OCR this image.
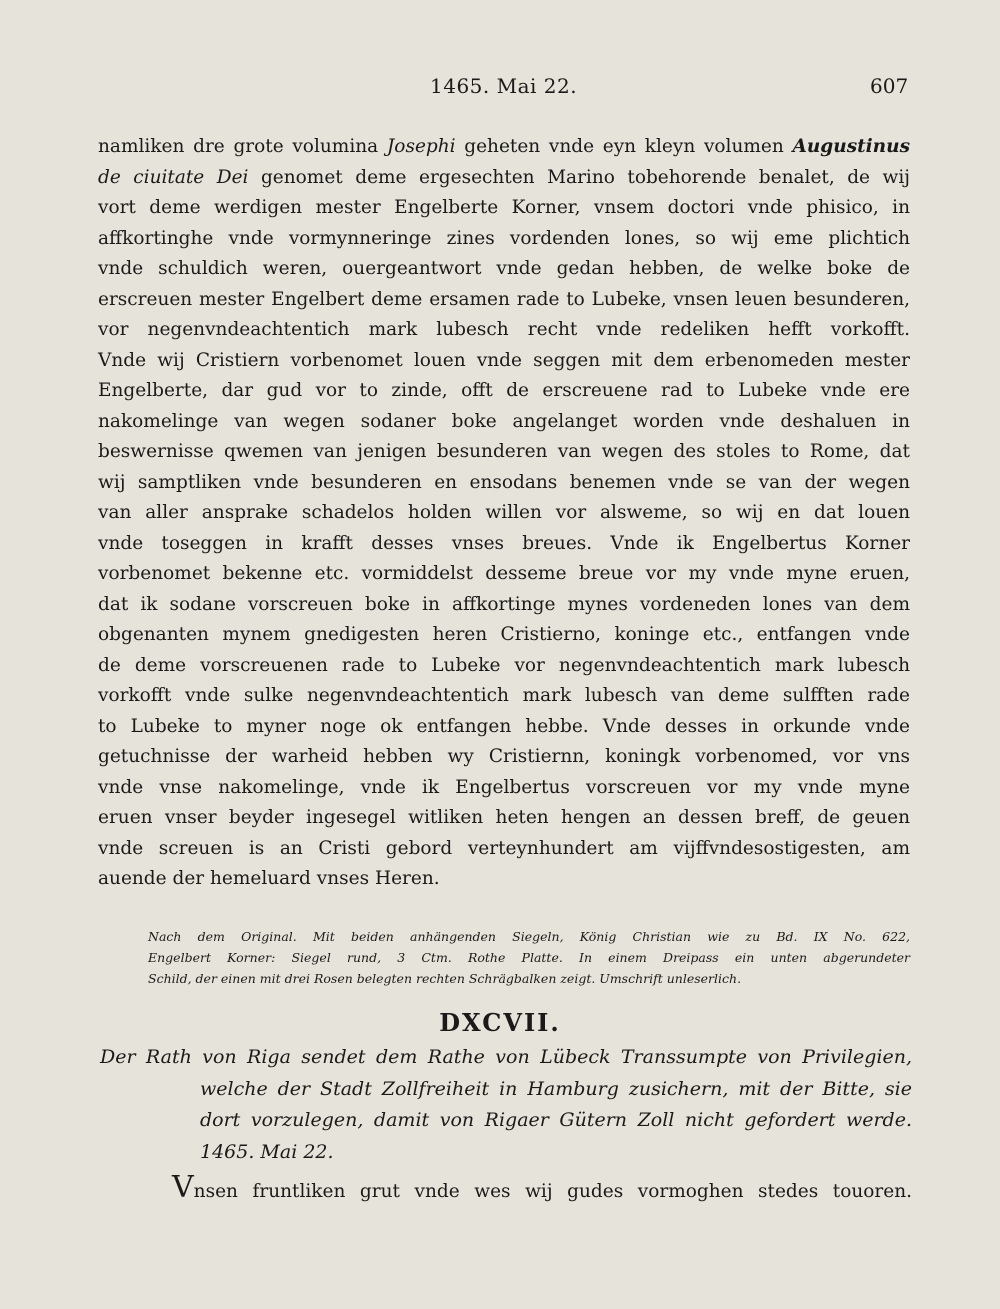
1465. Mai 22.	607
namliken dre grote volumina Josephi geheten vnde eyn kleyn volumen Augustinus
de ciuitate Dei genomet deme ergesechten Marino tobehorende benalet, de wij
vort deme werdigen mester Engelberte Korner, vnsem doctori vnde phisico, in
affkortinghe vnde vormynneringe zines vordenden lones, so wij eme plichtich
vnde schuldich weren, ouergeantwort vnde gedan hebben, de welke boke de
erscreuen mester Engelbert deme ersamen rade to Lubeke, vnsen leuen besunderen,
vor negenvndeachtentich mark lubesch recht vnde redeliken hefft vorkofft.
Vnde wij Cristiern vorbenomet louen vnde seggen mit dem erbenomeden mester
Engelberte, dar gud vor to zinde, offt de erscreuene rad to Lubeke vnde ere
nakomelinge van wegen sodaner boke angelanget worden vnde deshaluen in
beswernisse qwemen van jenigen besunderen van wegen des stoles to Rome, dat
wij samptliken vnde besunderen en ensodans benemen vnde se van der wegen
van aller ansprake schadelos holden willen vor alsweme, so wij en dat louen
vnde toseggen in krafft desses vnses breues. Vnde ik Engelbertus Korner
vorbenomet bekenne etc. vormiddelst desseme breue vor my vnde myne eruen,
dat ik sodane vorscreuen boke in affkortinge mynes vordeneden lones van dem
obgenanten mynem gnedigesten heren Cristierno, koninge etc., entfangen vnde
de deme vorscreuenen rade to Lubeke vor negenvndeachtentich mark lubesch
vorkofft vnde sulke negenvndeachtentich mark lubesch van deme sulfften rade
to Lubeke to myner noge ok entfangen hebbe. Vnde desses in orkunde vnde
getuchnisse der warheid hebben wy Cristiernn, koningk vorbenomed, vor vns
vnde vnse nakomelinge, vnde ik Engelbertus vorscreuen vor my vnde myne
eruen vnser beyder ingesegel witliken heten hengen an dessen breff, de geuen
vnde screuen is an Cristi gebord verteynhundert am vijffvndesostigesten, am
auende der hemeluard vnses Heren.
Nach dem Original. Mit beiden anhängenden Siegeln, König Christian wie zu Bd. IX No. 622,
Engelbert Korner: Siegel rund, 3 Ctm. Rothe Platte. In einem Dreipass ein unten abgerundeter
Schild, der einen mit drei Rosen belegten rechten Schrägbalken zeigt. Umschrift unleserlich.
DXCVII.
Der Rath von Riga sendet dem Rathe von Lübeck Transsumpte von Privilegien,
welche der Stadt Zollfreiheit in Hamburg zusichern, mit der Bitte, sie
dort vorzulegen, damit von Rigaer Gütern Zoll nicht gefordert werde.
1465. Mai 22.
Vnsen fruntliken grut vnde wes wij gudes vormoghen stedes touoren.
